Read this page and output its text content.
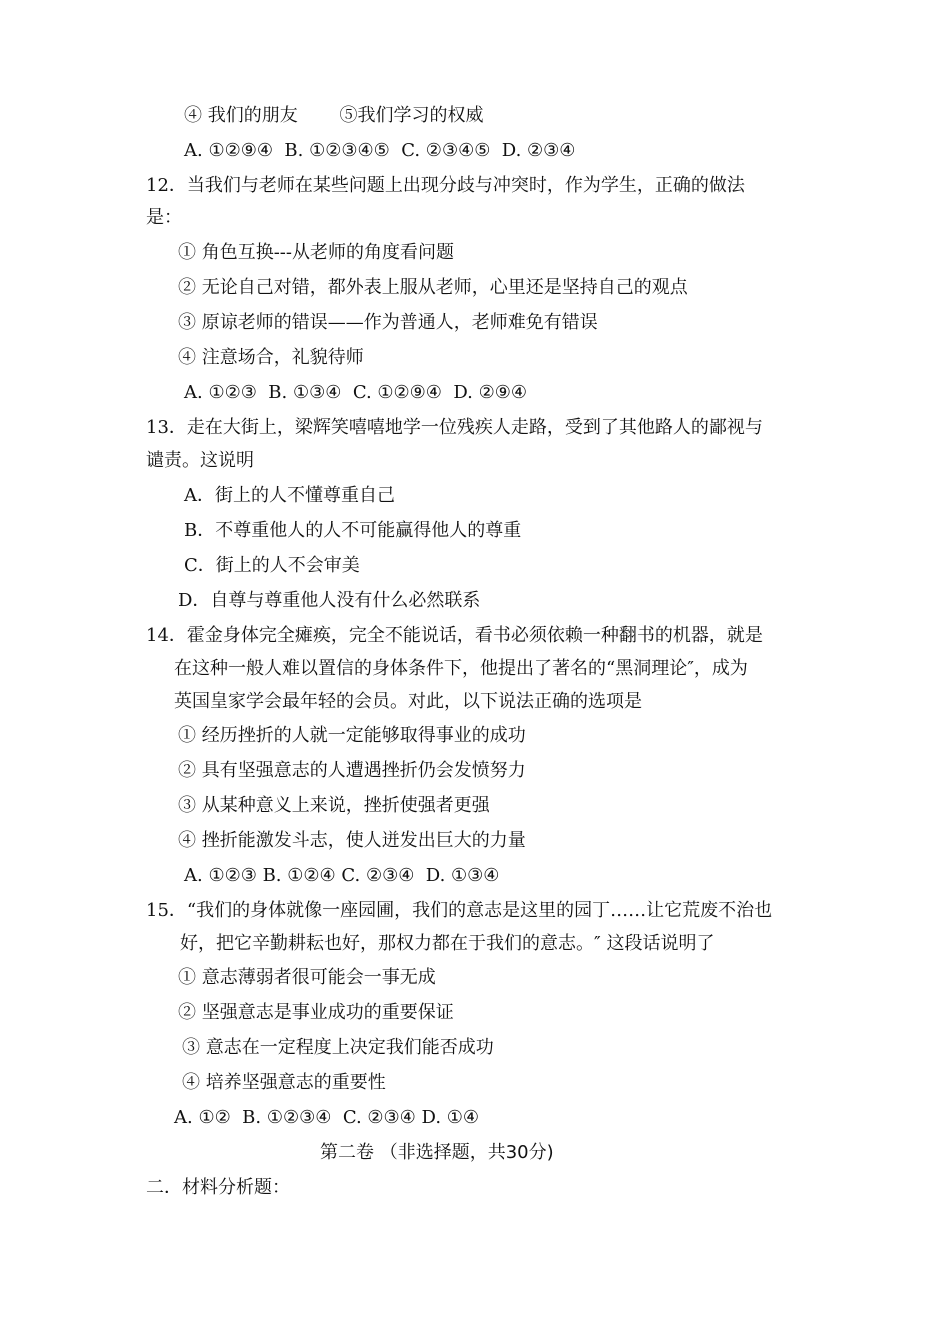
④ 我们的朋友　　 ⑤我们学习的权威
A. ①②⑨④  B. ①②③④⑤  C. ②③④⑤  D. ②③④
12．当我们与老师在某些问题上出现分歧与冲突时，作为学生，正确的做法
是：
① 角色互换---从老师的角度看问题
② 无论自己对错，都外表上服从老师，心里还是坚持自己的观点
③ 原谅老师的错误——作为普通人，老师难免有错误
④ 注意场合，礼貌待师
A. ①②③  B. ①③④  C. ①②⑨④  D. ②⑨④
13．走在大街上，梁辉笑嘻嘻地学一位残疾人走路，受到了其他路人的鄙视与
谴责。这说明
A．街上的人不懂尊重自己
B．不尊重他人的人不可能赢得他人的尊重
C．街上的人不会审美
D．自尊与尊重他人没有什么必然联系
14．霍金身体完全瘫痪，完全不能说话，看书必须依赖一种翻书的机器，就是
在这种一般人难以置信的身体条件下，他提出了著名的“黑洞理论″，成为
英国皇家学会最年轻的会员。对此，以下说法正确的选项是
① 经历挫折的人就一定能够取得事业的成功
② 具有坚强意志的人遭遇挫折仍会发愤努力
③ 从某种意义上来说，挫折使强者更强
④ 挫折能激发斗志，使人迸发出巨大的力量
A. ①②③ B. ①②④ C. ②③④  D. ①③④
15．“我们的身体就像一座园圃，我们的意志是这里的园丁……让它荒废不治也
好，把它辛勤耕耘也好，那权力都在于我们的意志。″ 这段话说明了
① 意志薄弱者很可能会一事无成
② 坚强意志是事业成功的重要保证
③ 意志在一定程度上决定我们能否成功
④ 培养坚强意志的重要性
A. ①②  B. ①②③④  C. ②③④ D. ①④
第二卷 （非选择题，共30分)
二．材料分析题：
